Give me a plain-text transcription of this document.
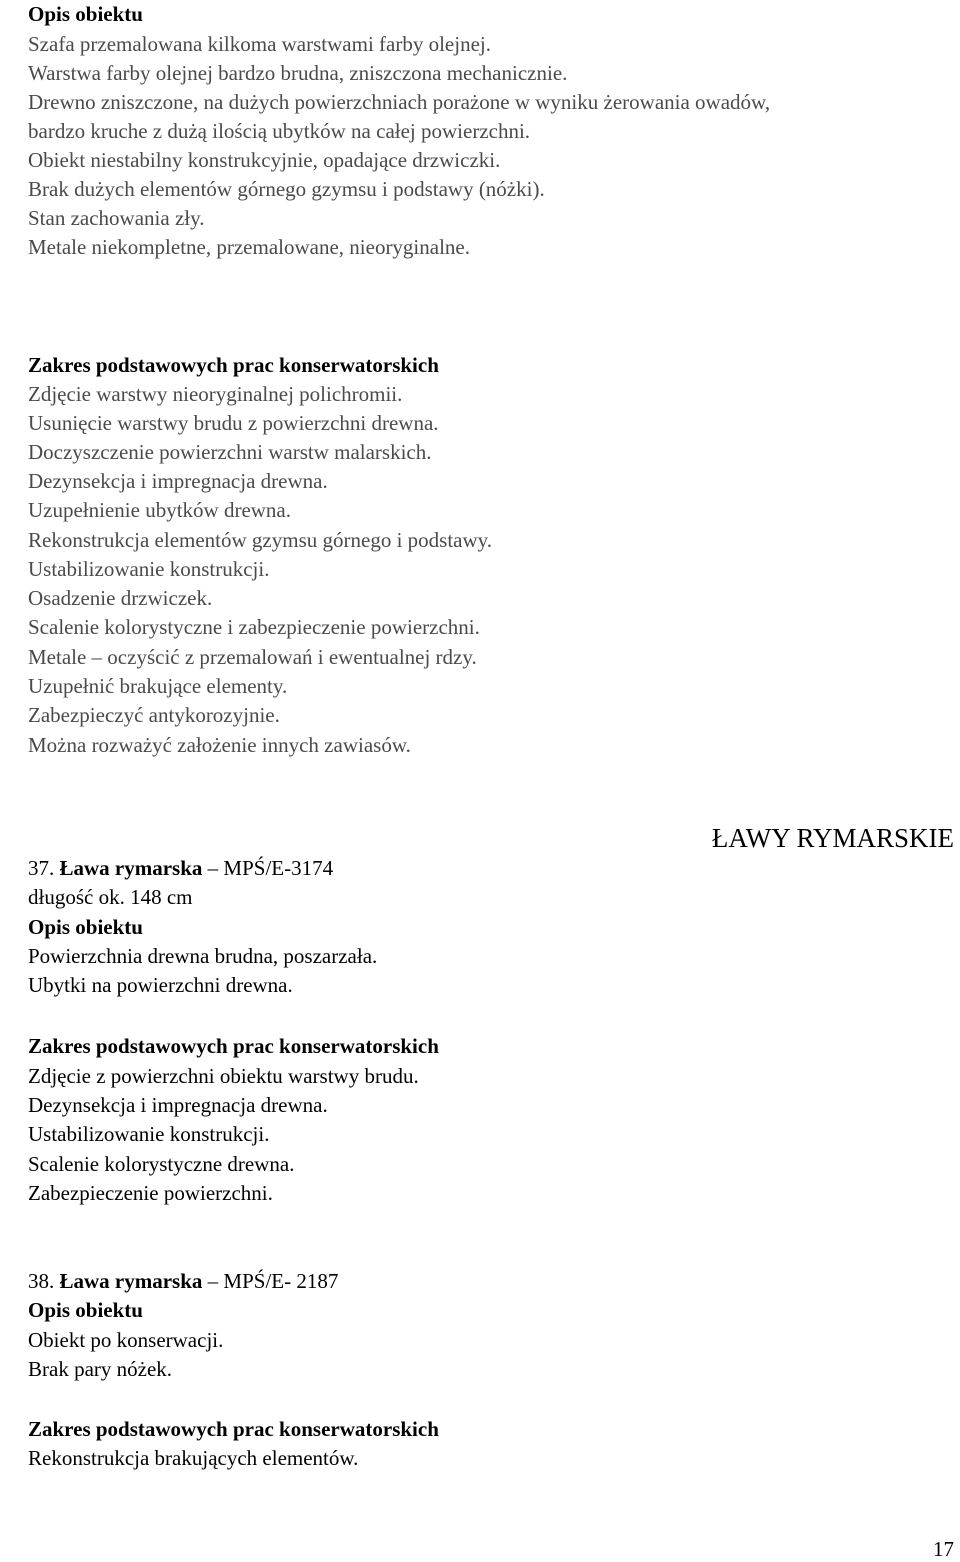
Opis obiektu
Szafa przemalowana kilkoma warstwami farby olejnej.
Warstwa farby olejnej bardzo brudna, zniszczona mechanicznie.
Drewno zniszczone, na dużych powierzchniach porażone w wyniku żerowania owadów,
bardzo kruche z dużą ilością ubytków na całej powierzchni.
Obiekt niestabilny konstrukcyjnie, opadające drzwiczki.
Brak dużych elementów górnego gzymsu i podstawy (nóżki).
Stan zachowania zły.
Metale niekompletne, przemalowane, nieoryginalne.
Zakres podstawowych prac konserwatorskich
Zdjęcie warstwy nieoryginalnej polichromii.
Usunięcie warstwy brudu z powierzchni drewna.
Doczyszczenie powierzchni warstw malarskich.
Dezynsekcja i impregnacja drewna.
Uzupełnienie ubytków drewna.
Rekonstrukcja elementów gzymsu górnego i podstawy.
Ustabilizowanie konstrukcji.
Osadzenie drzwiczek.
Scalenie kolorystyczne i zabezpieczenie powierzchni.
Metale – oczyścić z przemalowań i ewentualnej rdzy.
Uzupełnić brakujące elementy.
Zabezpieczyć antykorozyjnie.
Można rozważyć założenie innych zawiasów.
ŁAWY RYMARSKIE
37. Ława rymarska – MPŚ/E-3174
długość ok. 148 cm
Opis obiektu
Powierzchnia drewna brudna, poszarzała.
Ubytki na powierzchni drewna.
Zakres podstawowych prac konserwatorskich
Zdjęcie z powierzchni obiektu warstwy brudu.
Dezynsekcja i impregnacja drewna.
Ustabilizowanie konstrukcji.
Scalenie kolorystyczne drewna.
Zabezpieczenie powierzchni.
38. Ława rymarska – MPŚ/E- 2187
Opis obiektu
Obiekt po konserwacji.
Brak pary nóżek.
Zakres podstawowych prac konserwatorskich
Rekonstrukcja brakujących elementów.
17
